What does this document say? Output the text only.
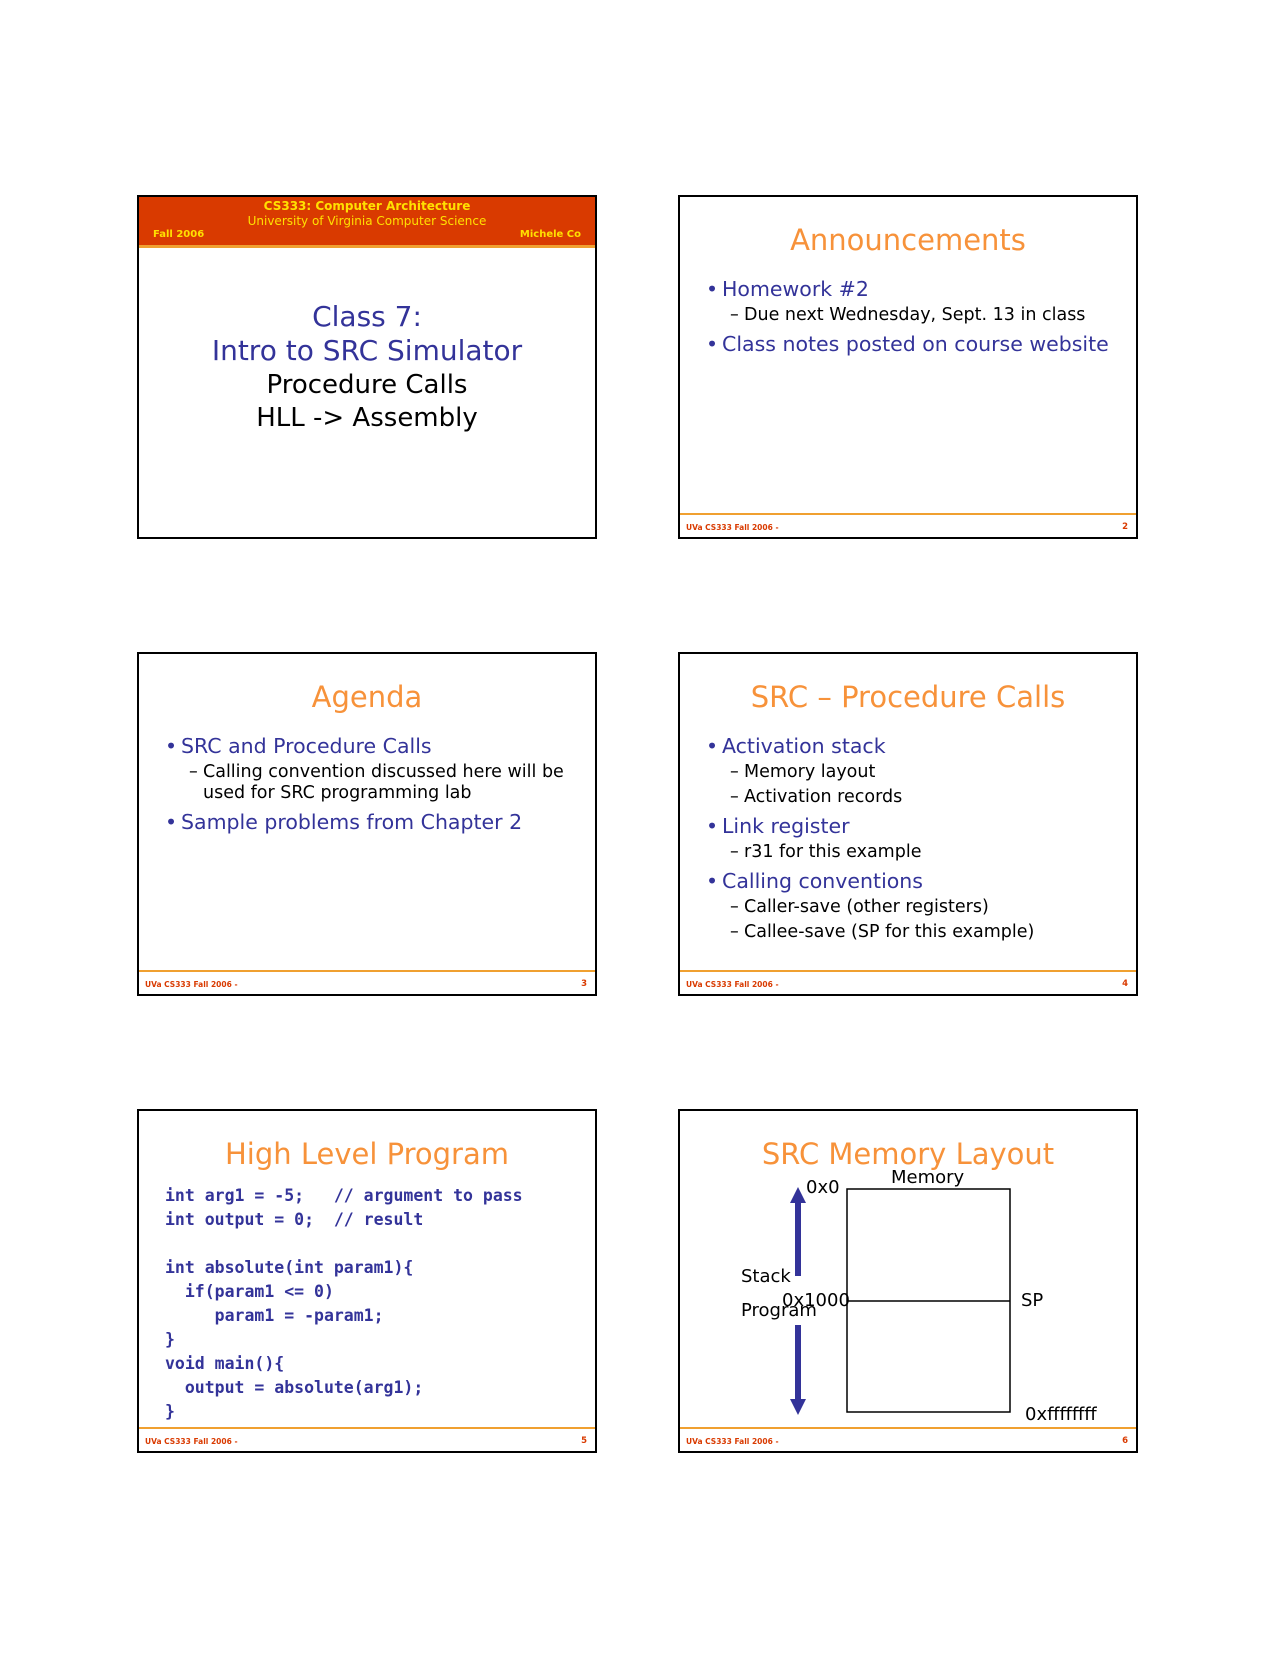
CS333: Computer Architecture
University of Virginia Computer Science
Fall 2006	Michele Co
Class 7:
Intro to SRC Simulator
Procedure Calls
HLL -> Assembly
Announcements
• Homework #2
– Due next Wednesday, Sept. 13 in class
• Class notes posted on course website
UVa CS333 Fall 2006 -	2
Agenda
• SRC and Procedure Calls
– Calling convention discussed here will be used for SRC programming lab
• Sample problems from Chapter 2
UVa CS333 Fall 2006 -	3
SRC – Procedure Calls
• Activation stack
– Memory layout
– Activation records
• Link register
– r31 for this example
• Calling conventions
– Caller-save (other registers)
– Callee-save (SP for this example)
UVa CS333 Fall 2006 -	4
High Level Program
int arg1 = -5;   // argument to pass
int output = 0;  // result

int absolute(int param1){
if(param1 <= 0)
param1 = -param1;
}
void main(){
output = absolute(arg1);
}
UVa CS333 Fall 2006 -	5
SRC Memory Layout
Memory
0x0
Stack
0x1000
Program	SP
0xffffffff
UVa CS333 Fall 2006 -	6
